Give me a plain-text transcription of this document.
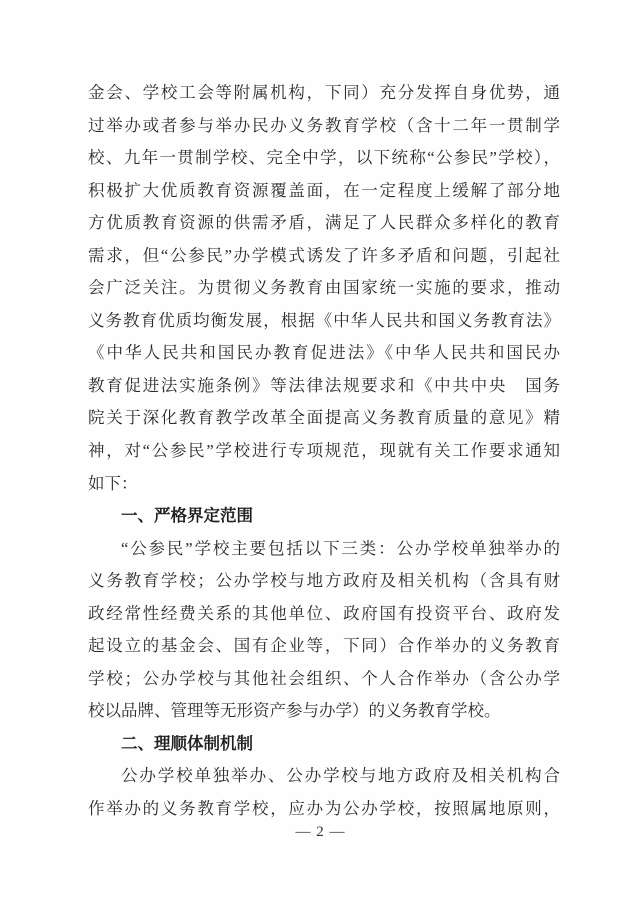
金会、学校工会等附属机构，下同）充分发挥自身优势，通
过举办或者参与举办民办义务教育学校（含十二年一贯制学
校、九年一贯制学校、完全中学，以下统称“公参民”学校），
积极扩大优质教育资源覆盖面，在一定程度上缓解了部分地
方优质教育资源的供需矛盾，满足了人民群众多样化的教育
需求，但“公参民”办学模式诱发了许多矛盾和问题，引起社
会广泛关注。为贯彻义务教育由国家统一实施的要求，推动
义务教育优质均衡发展，根据《中华人民共和国义务教育法》
《中华人民共和国民办教育促进法》《中华人民共和国民办
教育促进法实施条例》等法律法规要求和《中共中央　国务
院关于深化教育教学改革全面提高义务教育质量的意见》精
神，对“公参民”学校进行专项规范，现就有关工作要求通知
如下：
一、严格界定范围
“公参民”学校主要包括以下三类：公办学校单独举办的
义务教育学校；公办学校与地方政府及相关机构（含具有财
政经常性经费关系的其他单位、政府国有投资平台、政府发
起设立的基金会、国有企业等，下同）合作举办的义务教育
学校；公办学校与其他社会组织、个人合作举办（含公办学
校以品牌、管理等无形资产参与办学）的义务教育学校。
二、理顺体制机制
公办学校单独举办、公办学校与地方政府及相关机构合
作举办的义务教育学校，应办为公办学校，按照属地原则，
— 2 —
